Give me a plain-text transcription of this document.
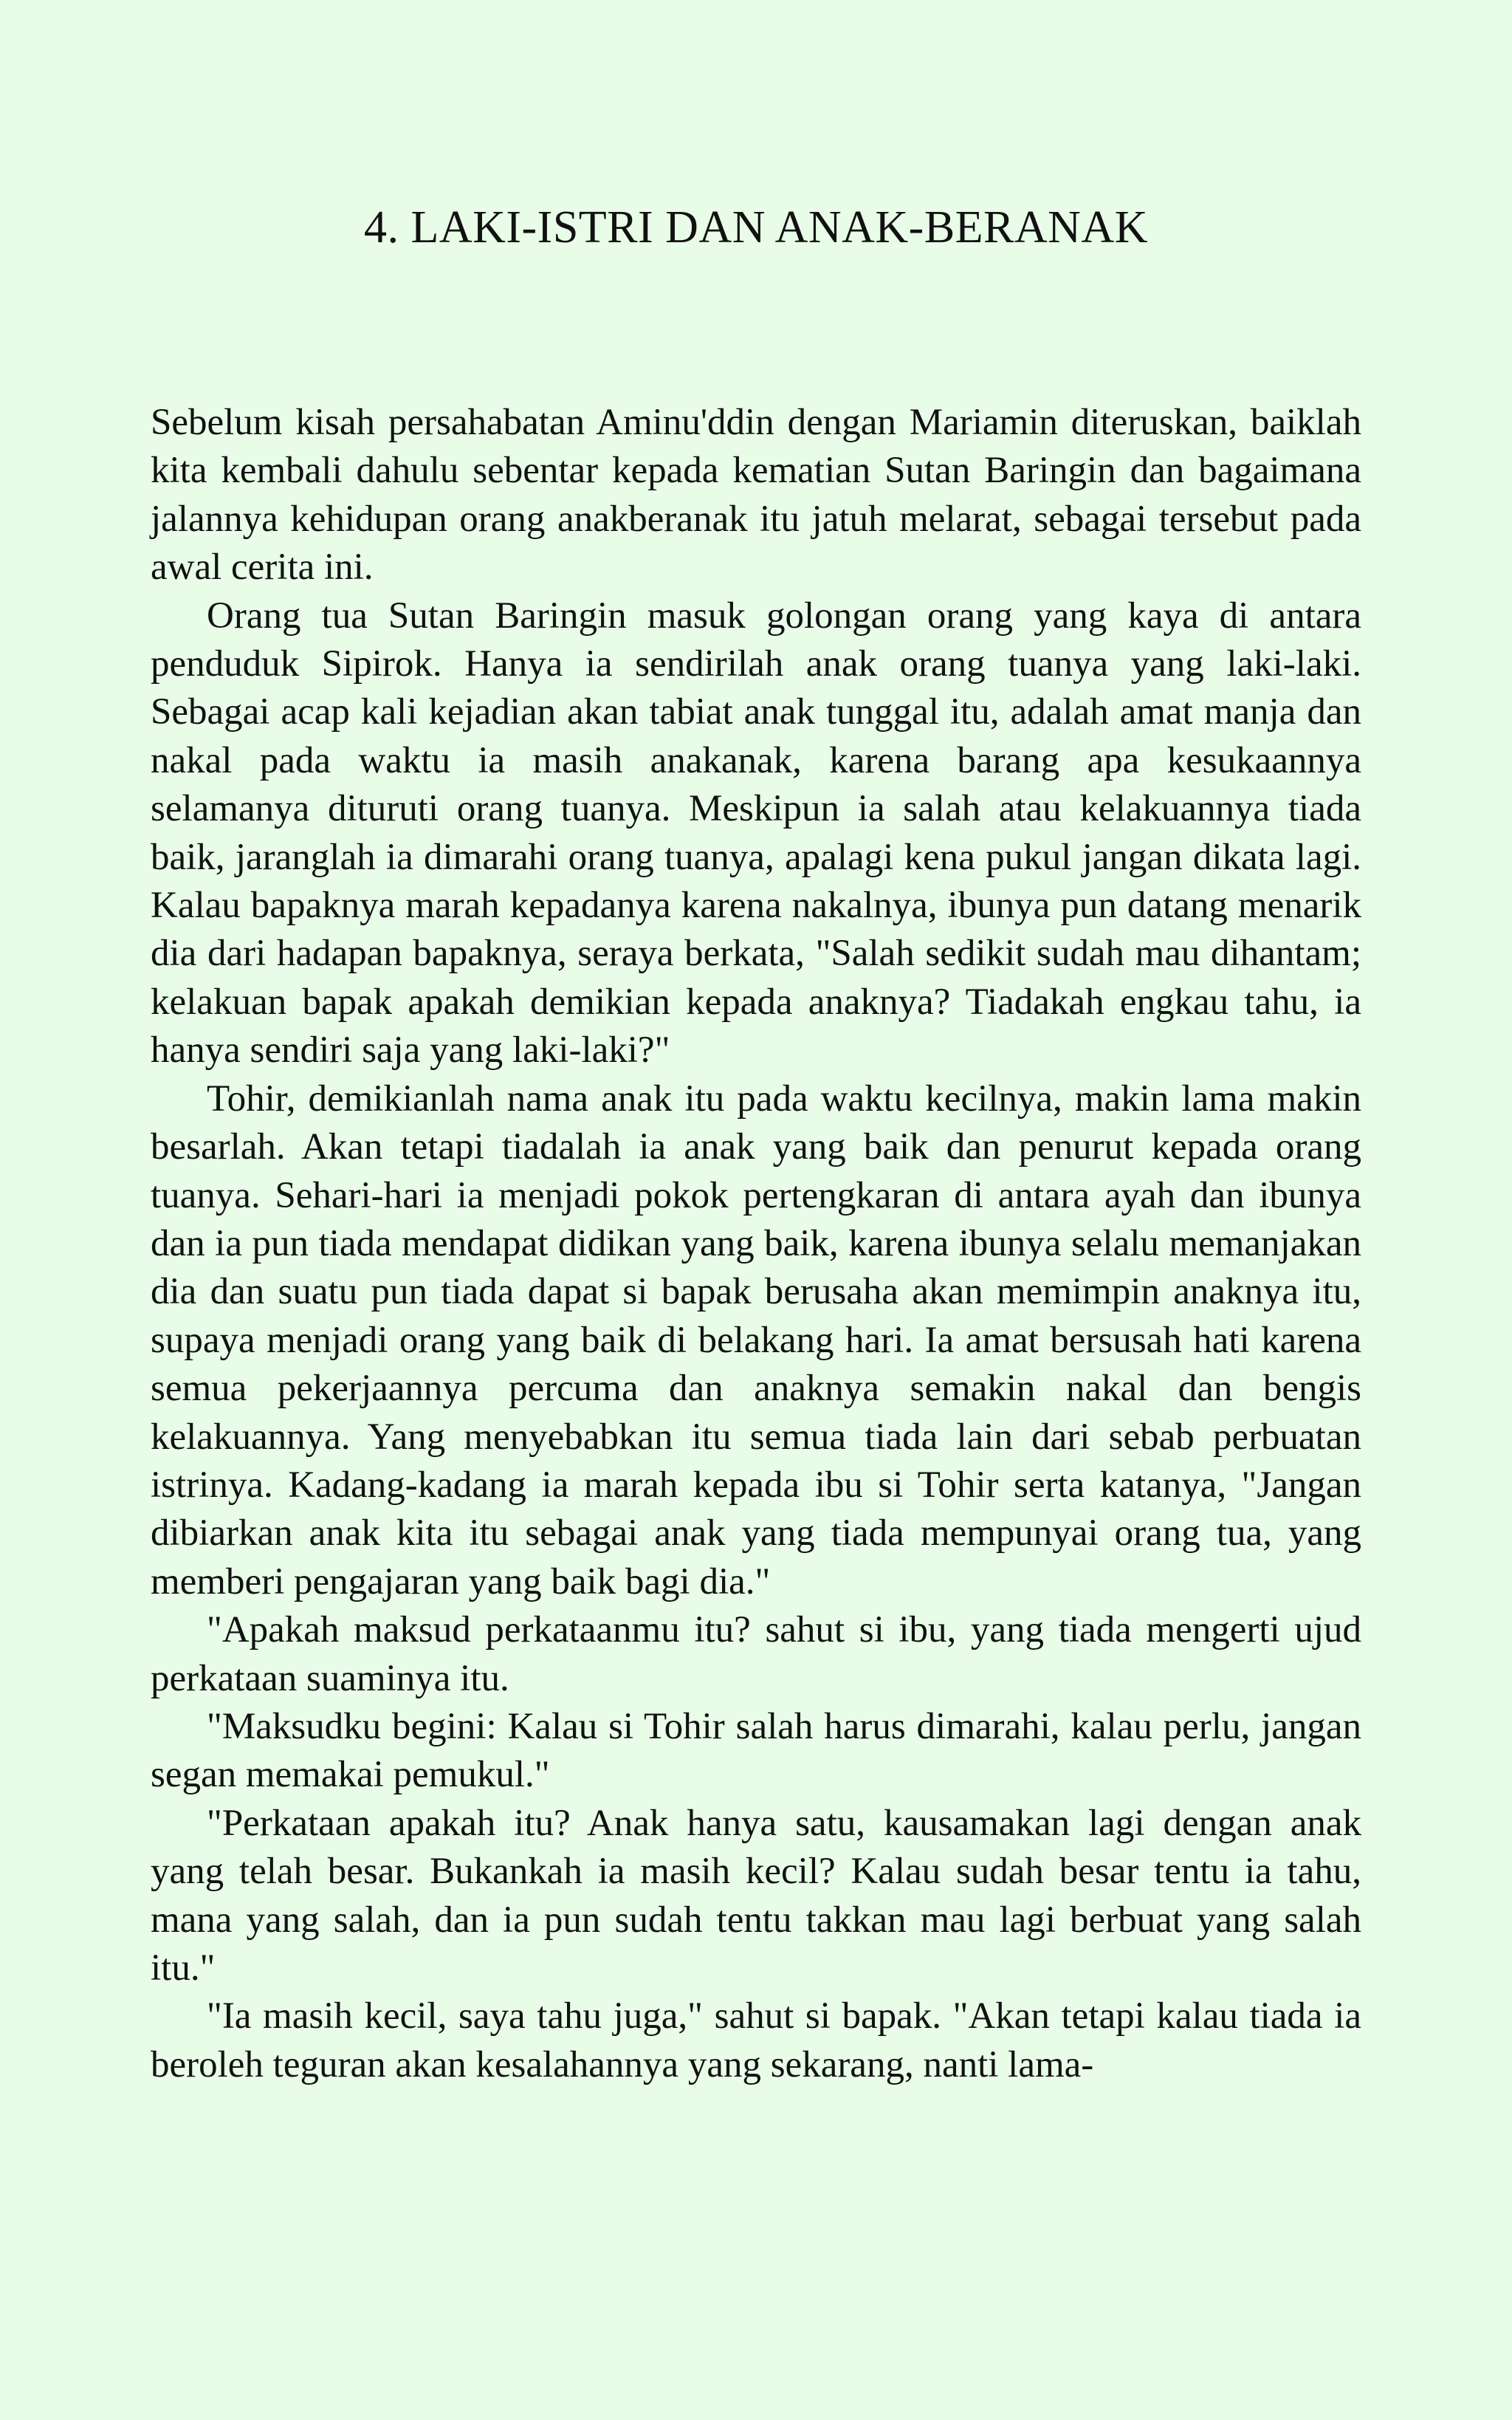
4. LAKI-ISTRI DAN ANAK-BERANAK

Sebelum kisah persahabatan Aminu'ddin dengan Mariamin diteruskan, baiklah kita kembali dahulu sebentar kepada kematian Sutan Baringin dan bagaimana jalannya kehidupan orang anakberanak itu jatuh melarat, sebagai tersebut pada awal cerita ini.

Orang tua Sutan Baringin masuk golongan orang yang kaya di antara penduduk Sipirok. Hanya ia sendirilah anak orang tuanya yang laki-laki. Sebagai acap kali kejadian akan tabiat anak tunggal itu, adalah amat manja dan nakal pada waktu ia masih anakanak, karena barang apa kesukaannya selamanya dituruti orang tuanya. Meskipun ia salah atau kelakuannya tiada baik, jaranglah ia dimarahi orang tuanya, apalagi kena pukul jangan dikata lagi. Kalau bapaknya marah kepadanya karena nakalnya, ibunya pun datang menarik dia dari hadapan bapaknya, seraya berkata, "Salah sedikit sudah mau dihantam; kelakuan bapak apakah demikian kepada anaknya? Tiadakah engkau tahu, ia hanya sendiri saja yang laki-laki?"

Tohir, demikianlah nama anak itu pada waktu kecilnya, makin lama makin besarlah. Akan tetapi tiadalah ia anak yang baik dan penurut kepada orang tuanya. Sehari-hari ia menjadi pokok pertengkaran di antara ayah dan ibunya dan ia pun tiada mendapat didikan yang baik, karena ibunya selalu memanjakan dia dan suatu pun tiada dapat si bapak berusaha akan memimpin anaknya itu, supaya menjadi orang yang baik di belakang hari. Ia amat bersusah hati karena semua pekerjaannya percuma dan anaknya semakin nakal dan bengis kelakuannya. Yang menyebabkan itu semua tiada lain dari sebab perbuatan istrinya. Kadang-kadang ia marah kepada ibu si Tohir serta katanya, "Jangan dibiarkan anak kita itu sebagai anak yang tiada mempunyai orang tua, yang memberi pengajaran yang baik bagi dia."

"Apakah maksud perkataanmu itu? sahut si ibu, yang tiada mengerti ujud perkataan suaminya itu.

"Maksudku begini: Kalau si Tohir salah harus dimarahi, kalau perlu, jangan segan memakai pemukul."

"Perkataan apakah itu? Anak hanya satu, kausamakan lagi dengan anak yang telah besar. Bukankah ia masih kecil? Kalau sudah besar tentu ia tahu, mana yang salah, dan ia pun sudah tentu takkan mau lagi berbuat yang salah itu."

"Ia masih kecil, saya tahu juga," sahut si bapak. "Akan tetapi kalau tiada ia beroleh teguran akan kesalahannya yang sekarang, nanti lama-
